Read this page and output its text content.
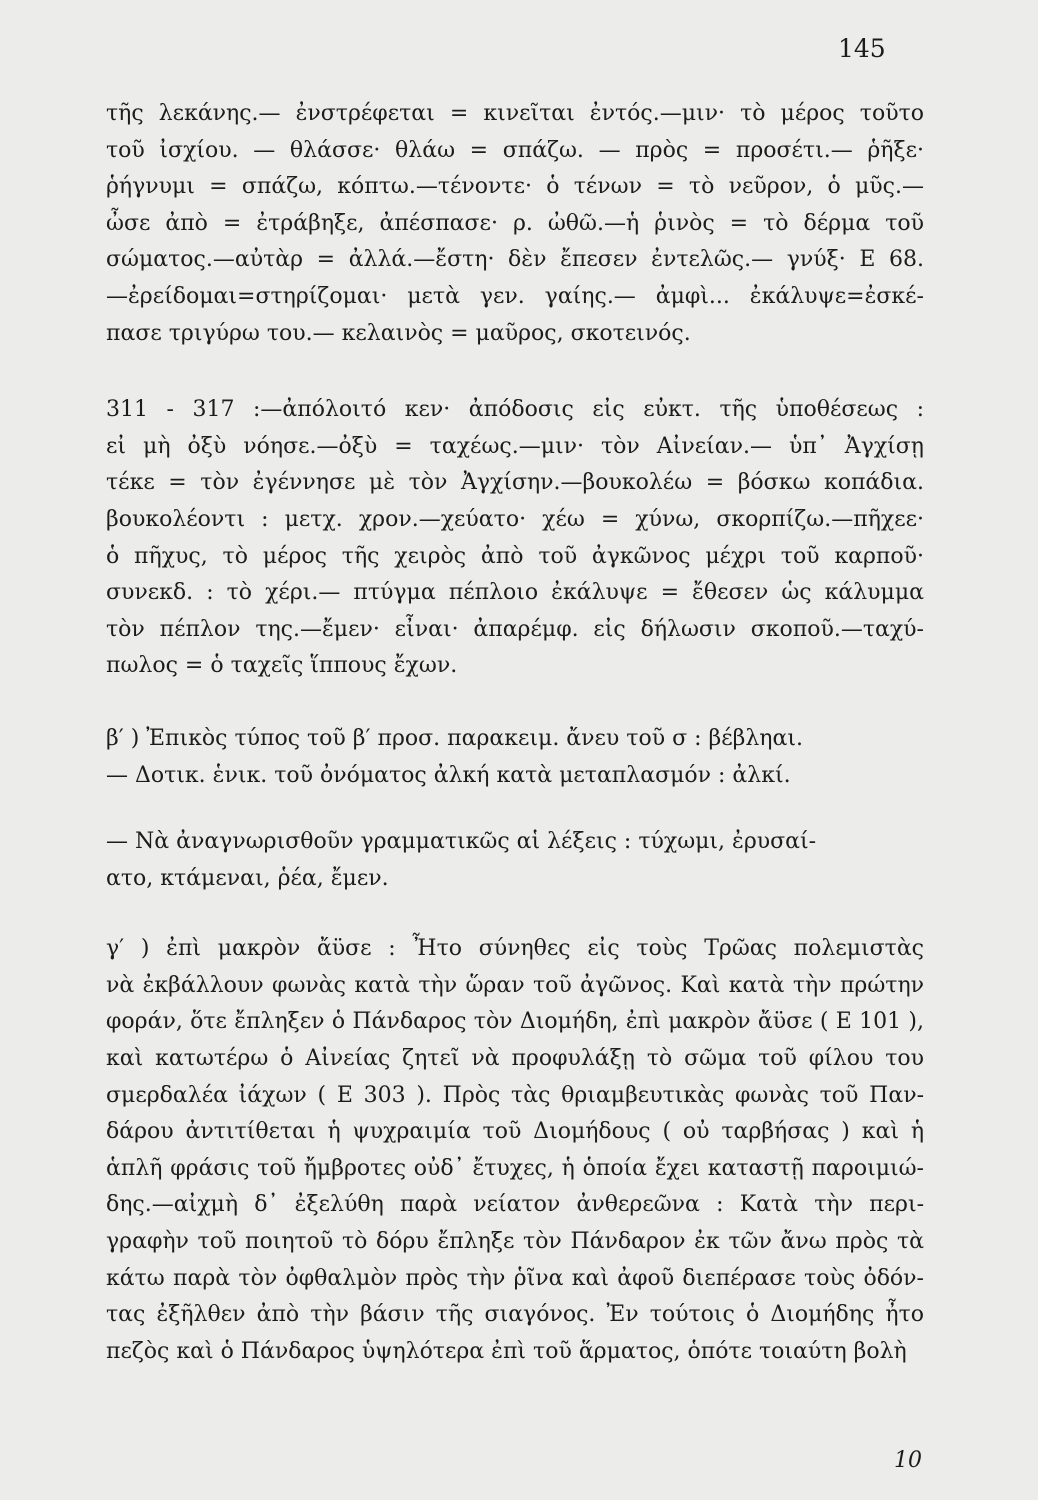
145
τῆς λεκάνης.— ἐνστρέφεται = κινεῖται ἐντός.—μιν· τὸ μέρος τοῦτο
τοῦ ἰσχίου. — θλάσσε· θλάω = σπάζω. — πρὸς = προσέτι.— ῥῆξε·
ῥήγνυμι = σπάζω, κόπτω.—τένοντε· ὁ τένων = τὸ νεῦρον, ὁ μῦς.—
ὦσε ἀπὸ = ἐτράβηξε, ἀπέσπασε· ρ. ὠθῶ.—ἡ ῥινὸς = τὸ δέρμα τοῦ
σώματος.—αὐτὰρ = ἀλλά.—ἔστη· δὲν ἔπεσεν ἐντελῶς.— γνύξ· Ε 68.
—ἐρείδομαι=στηρίζομαι· μετὰ γεν. γαίης.— ἀμφὶ... ἐκάλυψε=ἐσκέ-
πασε τριγύρω του.— κελαινὸς = μαῦρος, σκοτεινός.
311 - 317 :—ἀπόλοιτό κεν· ἀπόδοσις εἰς εὐκτ. τῆς ὑποθέσεως :
εἰ μὴ ὀξὺ νόησε.—ὀξὺ = ταχέως.—μιν· τὸν Αἰνείαν.— ὑπ᾽ Ἀγχίσῃ
τέκε = τὸν ἐγέννησε μὲ τὸν Ἀγχίσην.—βουκολέω = βόσκω κοπάδια.
βουκολέοντι : μετχ. χρον.—χεύατο· χέω = χύνω, σκορπίζω.—πῆχεε·
ὁ πῆχυς, τὸ μέρος τῆς χειρὸς ἀπὸ τοῦ ἀγκῶνος μέχρι τοῦ καρποῦ·
συνεκδ. : τὸ χέρι.— πτύγμα πέπλοιο ἐκάλυψε = ἔθεσεν ὡς κάλυμμα
τὸν πέπλον της.—ἔμεν· εἶναι· ἀπαρέμφ. εἰς δήλωσιν σκοποῦ.—ταχύ-
πωλος = ὁ ταχεῖς ἵππους ἔχων.
β′ ) Ἐπικὸς τύπος τοῦ β′ προσ. παρακειμ. ἄνευ τοῦ σ : βέβληαι.
— Δοτικ. ἑνικ. τοῦ ὀνόματος ἀλκή κατὰ μεταπλασμόν : ἀλκί.
— Νὰ ἀναγνωρισθοῦν γραμματικῶς αἱ λέξεις : τύχωμι, ἐρυσαί-
ατο, κτάμεναι, ῥέα, ἔμεν.
γ′ ) ἐπὶ μακρὸν ἄϋσε : Ἦτο σύνηθες εἰς τοὺς Τρῶας πολεμιστὰς
νὰ ἐκβάλλουν φωνὰς κατὰ τὴν ὥραν τοῦ ἀγῶνος. Καὶ κατὰ τὴν πρώτην
φοράν, ὅτε ἔπληξεν ὁ Πάνδαρος τὸν Διομήδη, ἐπὶ μακρὸν ἄϋσε ( Ε 101 ),
καὶ κατωτέρω ὁ Αἰνείας ζητεῖ νὰ προφυλάξῃ τὸ σῶμα τοῦ φίλου του
σμερδαλέα ἰάχων ( Ε 303 ). Πρὸς τὰς θριαμβευτικὰς φωνὰς τοῦ Παν-
δάρου ἀντιτίθεται ἡ ψυχραιμία τοῦ Διομήδους ( οὐ ταρβήσας ) καὶ ἡ
ἁπλῆ φράσις τοῦ ἤμβροτες οὐδ᾽ ἔτυχες, ἡ ὁποία ἔχει καταστῇ παροιμιώ-
δης.—αἰχμὴ δ᾽ ἐξελύθη παρὰ νείατον ἀνθερεῶνα : Κατὰ τὴν περι-
γραφὴν τοῦ ποιητοῦ τὸ δόρυ ἔπληξε τὸν Πάνδαρον ἐκ τῶν ἄνω πρὸς τὰ
κάτω παρὰ τὸν ὀφθαλμὸν πρὸς τὴν ῥῖνα καὶ ἀφοῦ διεπέρασε τοὺς ὀδόν-
τας ἐξῆλθεν ἀπὸ τὴν βάσιν τῆς σιαγόνος. Ἐν τούτοις ὁ Διομήδης ἦτο
πεζὸς καὶ ὁ Πάνδαρος ὑψηλότερα ἐπὶ τοῦ ἅρματος, ὁπότε τοιαύτη βολὴ
10
